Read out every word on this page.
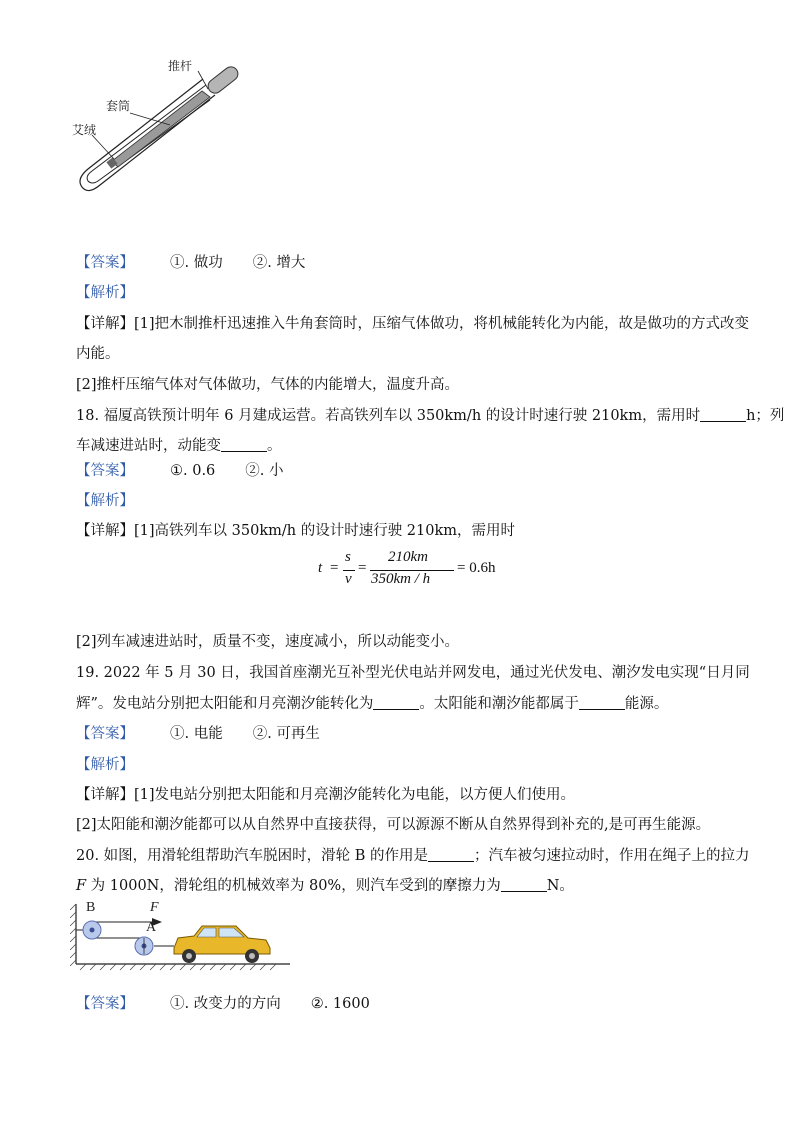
推杆
套筒
艾绒
【答案】 ①. 做功 ②. 增大
【解析】
【详解】[1]把木制推杆迅速推入牛角套筒时，压缩气体做功，将机械能转化为内能，故是做功的方式改变
内能。
[2]推杆压缩气体对气体做功，气体的内能增大，温度升高。
18. 福厦高铁预计明年 6 月建成运营。若高铁列车以 350km/h 的设计时速行驶 210km，需用时	h；列
车减速进站时，动能变	。
【答案】 ①. 0.6 ②. 小
【解析】
【详解】[1]高铁列车以 350km/h 的设计时速行驶 210km，需用时
t =
s
v
=
210km
350km / h
= 0.6h
[2]列车减速进站时，质量不变，速度减小，所以动能变小。
19. 2022 年 5 月 30 日，我国首座潮光互补型光伏电站并网发电，通过光伏发电、潮汐发电实现“日月同
辉”。发电站分别把太阳能和月亮潮汐能转化为	。太阳能和潮汐能都属于	能源。
【答案】 ①. 电能 ②. 可再生
【解析】
【详解】[1]发电站分别把太阳能和月亮潮汐能转化为电能，以方便人们使用。
[2]太阳能和潮汐能都可以从自然界中直接获得，可以源源不断从自然界得到补充的,是可再生能源。
20. 如图，用滑轮组帮助汽车脱困时，滑轮 B 的作用是	；汽车被匀速拉动时，作用在绳子上的拉力
F 为 1000N，滑轮组的机械效率为 80%，则汽车受到的摩擦力为	N。
B	F
A
【答案】 ①. 改变力的方向 ②. 1600
